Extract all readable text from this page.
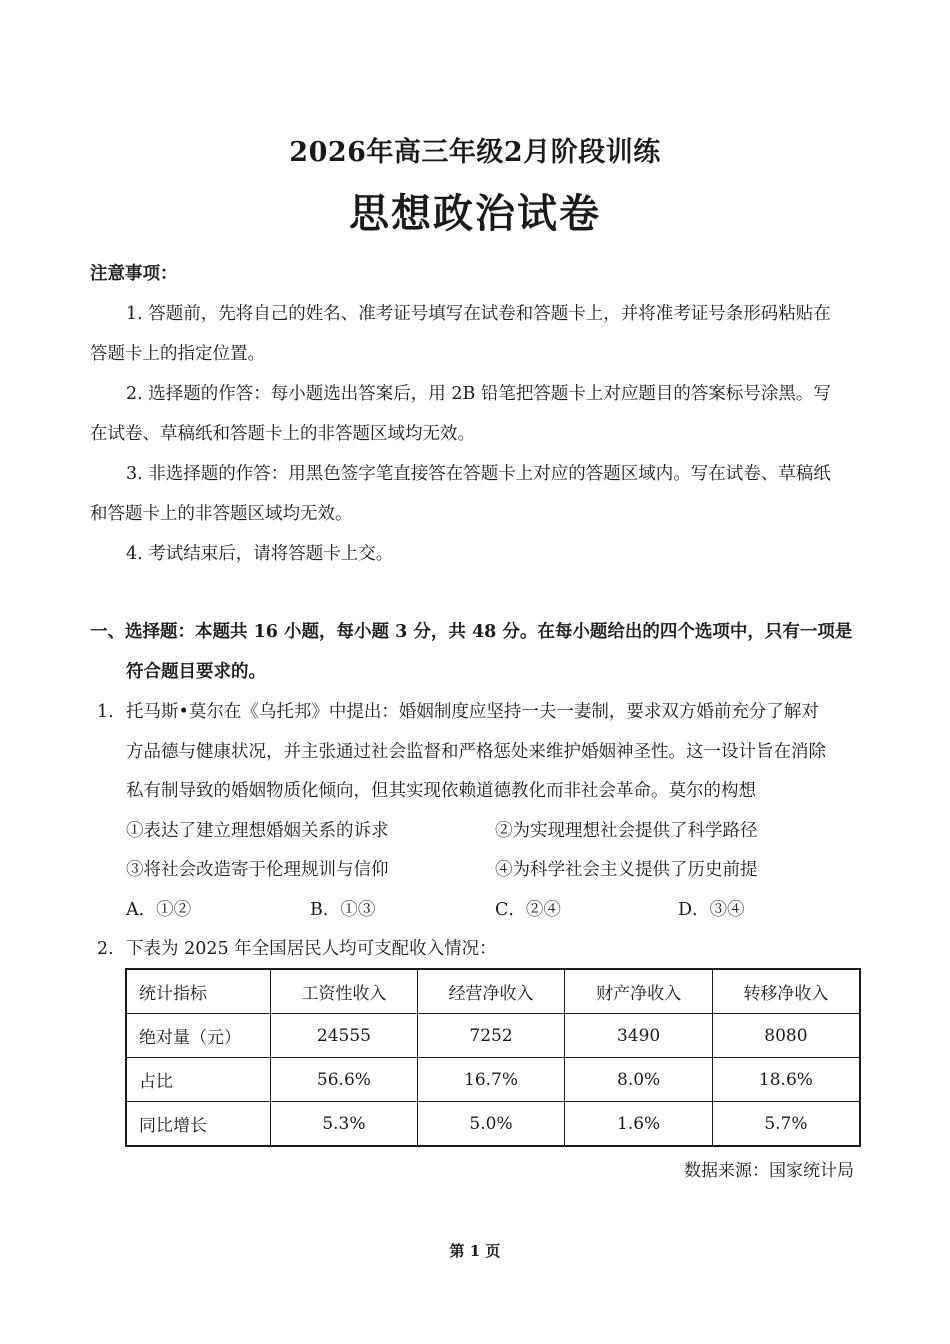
2026年高三年级2月阶段训练
思想政治试卷
注意事项：
1. 答题前，先将自己的姓名、准考证号填写在试卷和答题卡上，并将准考证号条形码粘贴在
答题卡上的指定位置。
2. 选择题的作答：每小题选出答案后，用 2B 铅笔把答题卡上对应题目的答案标号涂黑。写
在试卷、草稿纸和答题卡上的非答题区域均无效。
3. 非选择题的作答：用黑色签字笔直接答在答题卡上对应的答题区域内。写在试卷、草稿纸
和答题卡上的非答题区域均无效。
4. 考试结束后，请将答题卡上交。
一、选择题：本题共 16 小题，每小题 3 分，共 48 分。在每小题给出的四个选项中，只有一项是
符合题目要求的。
1. 托马斯•莫尔在《乌托邦》中提出：婚姻制度应坚持一夫一妻制，要求双方婚前充分了解对
方品德与健康状况，并主张通过社会监督和严格惩处来维护婚姻神圣性。这一设计旨在消除
私有制导致的婚姻物质化倾向，但其实现依赖道德教化而非社会革命。莫尔的构想
①表达了建立理想婚姻关系的诉求	②为实现理想社会提供了科学路径
③将社会改造寄于伦理规训与信仰	④为科学社会主义提供了历史前提
A．①②	B．①③	C．②④	D．③④
2. 下表为 2025 年全国居民人均可支配收入情况：
统计指标	工资性收入	经营净收入	财产净收入	转移净收入
绝对量（元）	24555	7252	3490	8080
占比	56.6%	16.7%	8.0%	18.6%
同比增长	5.3%	5.0%	1.6%	5.7%
数据来源：国家统计局
第 1 页
